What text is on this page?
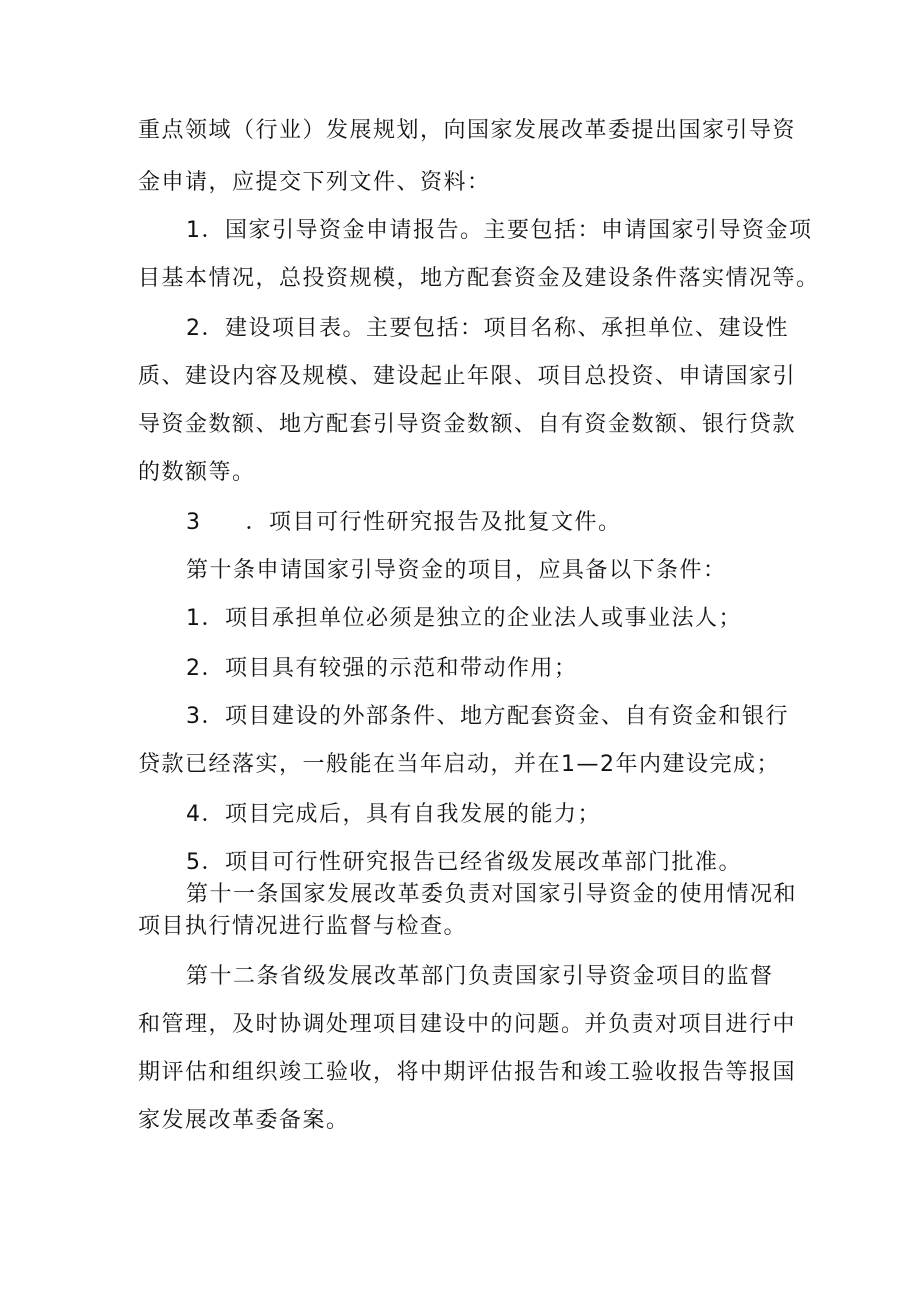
重点领域（行业）发展规划，向国家发展改革委提出国家引导资
金申请，应提交下列文件、资料：
1．国家引导资金申请报告。主要包括：申请国家引导资金项
目基本情况，总投资规模，地方配套资金及建设条件落实情况等。
2．建设项目表。主要包括：项目名称、承担单位、建设性
质、建设内容及规模、建设起止年限、项目总投资、申请国家引
导资金数额、地方配套引导资金数额、自有资金数额、银行贷款
的数额等。
3 ．项目可行性研究报告及批复文件。
第十条申请国家引导资金的项目，应具备以下条件：
1．项目承担单位必须是独立的企业法人或事业法人；
2．项目具有较强的示范和带动作用；
3．项目建设的外部条件、地方配套资金、自有资金和银行
贷款已经落实，一般能在当年启动，并在1—2年内建设完成；
4．项目完成后，具有自我发展的能力；
5．项目可行性研究报告已经省级发展改革部门批准。
第十一条国家发展改革委负责对国家引导资金的使用情况和
项目执行情况进行监督与检查。
第十二条省级发展改革部门负责国家引导资金项目的监督
和管理，及时协调处理项目建设中的问题。并负责对项目进行中
期评估和组织竣工验收，将中期评估报告和竣工验收报告等报国
家发展改革委备案。
